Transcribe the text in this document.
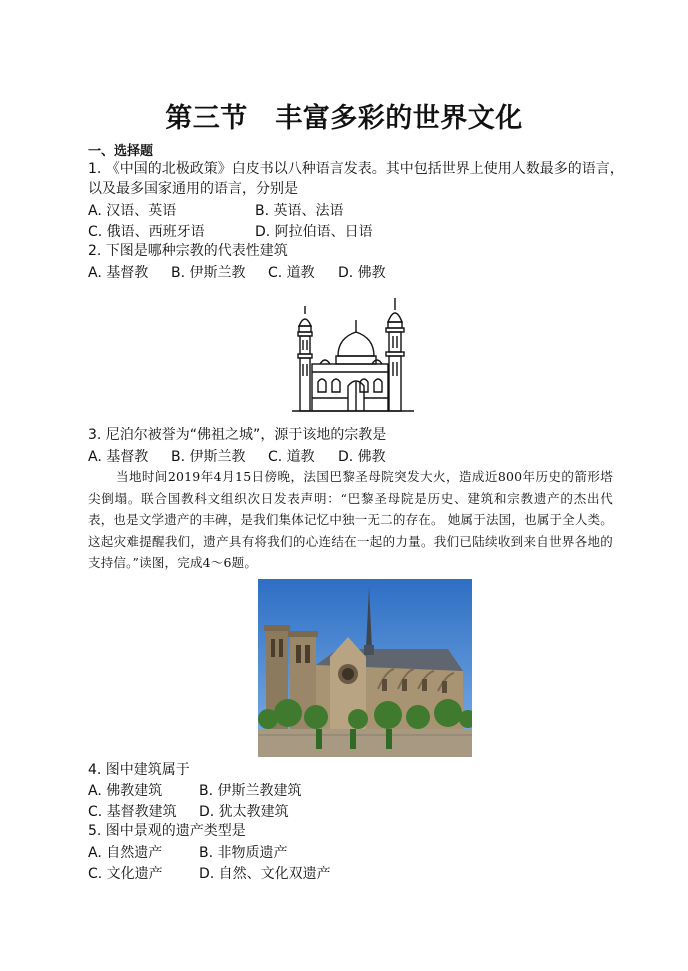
第三节　丰富多彩的世界文化
一、选择题
1. 《中国的北极政策》白皮书以八种语言发表。其中包括世界上使用人数最多的语言，
以及最多国家通用的语言，分别是
A. 汉语、英语	B. 英语、法语
C. 俄语、西班牙语	D. 阿拉伯语、日语
2. 下图是哪种宗教的代表性建筑
A. 基督教 B. 伊斯兰教 C. 道教 D. 佛教
3. 尼泊尔被誉为“佛祖之城”，源于该地的宗教是
A. 基督教 B. 伊斯兰教 C. 道教 D. 佛教
当地时间2019年4月15日傍晚，法国巴黎圣母院突发大火，造成近800年历史的箭形塔尖倒塌。联合国教科文组织次日发表声明：“巴黎圣母院是历史、建筑和宗教遗产的杰出代表，也是文学遗产的丰碑，是我们集体记忆中独一无二的存在。 她属于法国，也属于全人类。这起灾难提醒我们，遗产具有将我们的心连结在一起的力量。我们已陆续收到来自世界各地的支持信。”读图，完成4～6题。
4. 图中建筑属于
A. 佛教建筑	B. 伊斯兰教建筑
C. 基督教建筑 D. 犹太教建筑
5. 图中景观的遗产类型是
A. 自然遗产	B. 非物质遗产
C. 文化遗产	D. 自然、文化双遗产
